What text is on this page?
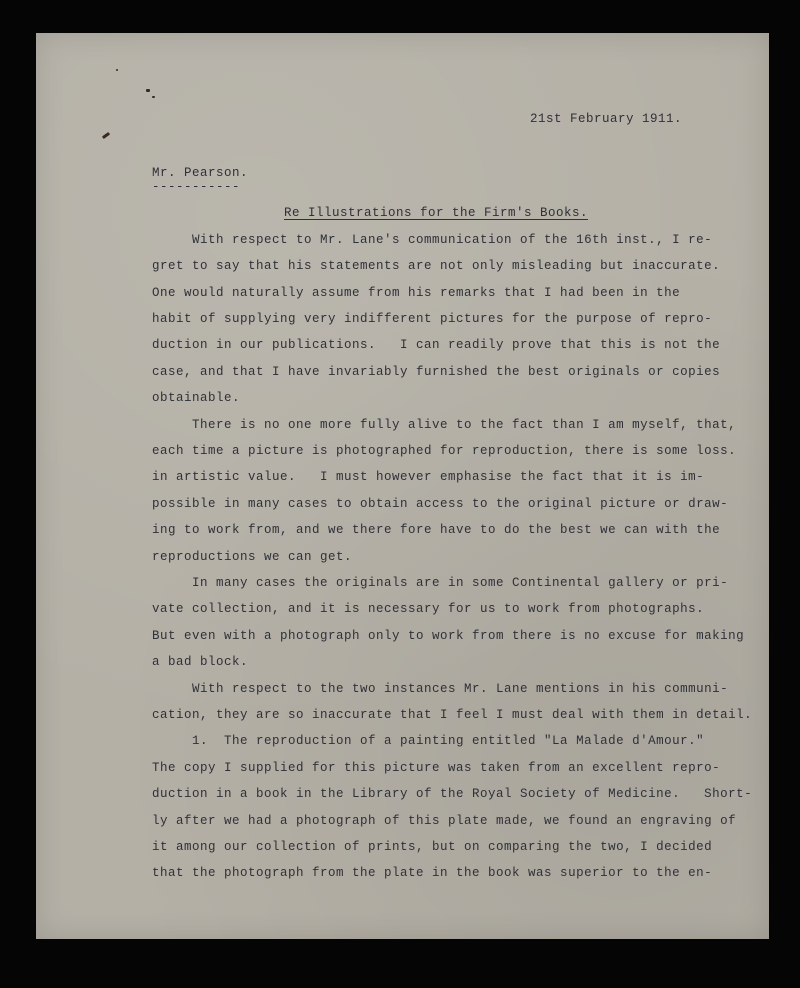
21st February 1911.
Mr. Pearson.
-----------
Re Illustrations for the Firm's Books.
With respect to Mr. Lane's communication of the 16th inst., I re-
gret to say that his statements are not only misleading but inaccurate.
One would naturally assume from his remarks that I had been in the
habit of supplying very indifferent pictures for the purpose of repro-
duction in our publications.   I can readily prove that this is not the
case, and that I have invariably furnished the best originals or copies
obtainable.
There is no one more fully alive to the fact than I am myself, that,
each time a picture is photographed for reproduction, there is some loss.
in artistic value.   I must however emphasise the fact that it is im-
possible in many cases to obtain access to the original picture or draw-
ing to work from, and we there fore have to do the best we can with the
reproductions we can get.
In many cases the originals are in some Continental gallery or pri-
vate collection, and it is necessary for us to work from photographs.
But even with a photograph only to work from there is no excuse for making
a bad block.
With respect to the two instances Mr. Lane mentions in his communi-
cation, they are so inaccurate that I feel I must deal with them in detail.
1.  The reproduction of a painting entitled "La Malade d'Amour."
The copy I supplied for this picture was taken from an excellent repro-
duction in a book in the Library of the Royal Society of Medicine.   Short-
ly after we had a photograph of this plate made, we found an engraving of
it among our collection of prints, but on comparing the two, I decided
that the photograph from the plate in the book was superior to the en-
